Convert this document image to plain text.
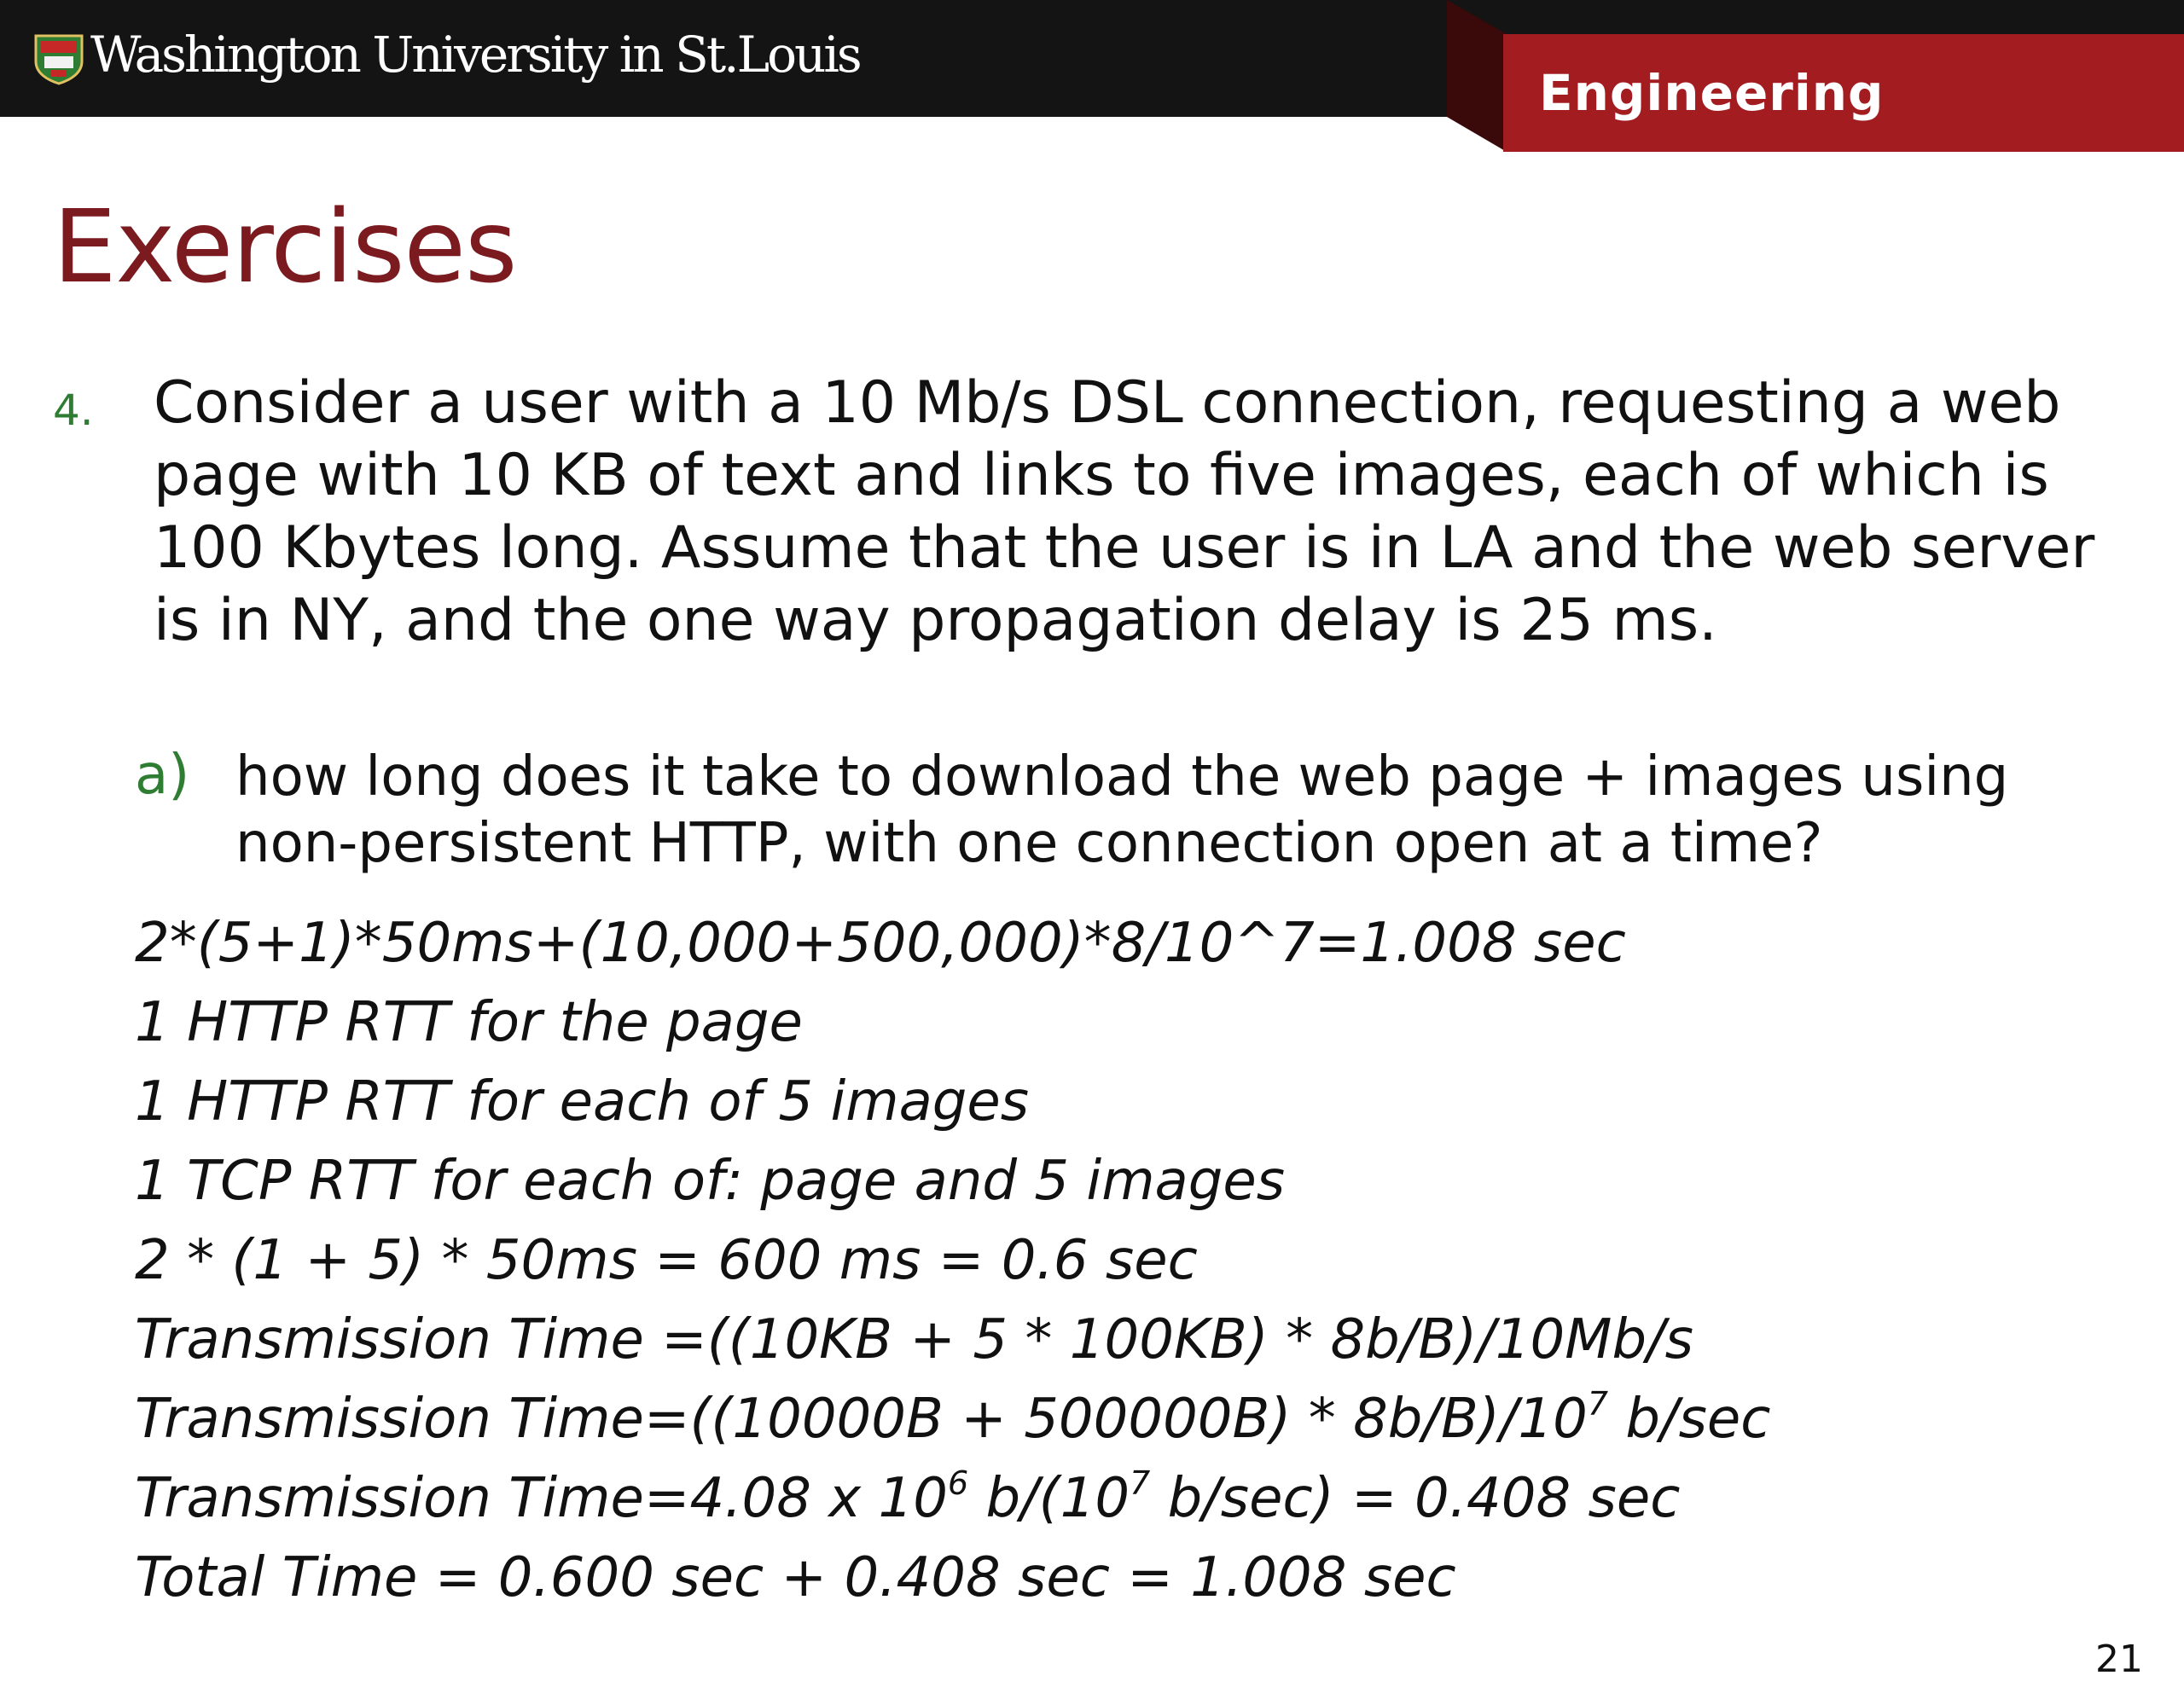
Washington University in St.Louis
Engineering
Exercises
4. Consider a user with a 10 Mb/s DSL connection, requesting a web page with 10 KB of text and links to five images, each of which is 100 Kbytes long. Assume that the user is in LA and the web server is in NY, and the one way propagation delay is 25 ms.
a) how long does it take to download the web page + images using non-persistent HTTP, with one connection open at a time?
2*(5+1)*50ms+(10,000+500,000)*8/10^7=1.008 sec
1 HTTP RTT for the page
1 HTTP RTT for each of 5 images
1 TCP RTT for each of: page and 5 images
2 * (1 + 5) * 50ms = 600 ms = 0.6 sec
Transmission Time =((10KB + 5 * 100KB) * 8b/B)/10Mb/s
Transmission Time=((10000B + $500000B) * 8b/B)/10^7$ b/sec
Transmission Time=4.08 x $10^6$ $b/(10^7$ b/sec) = 0.408 sec
Total Time = 0.600 sec + 0.408 sec = 1.008 sec
21
